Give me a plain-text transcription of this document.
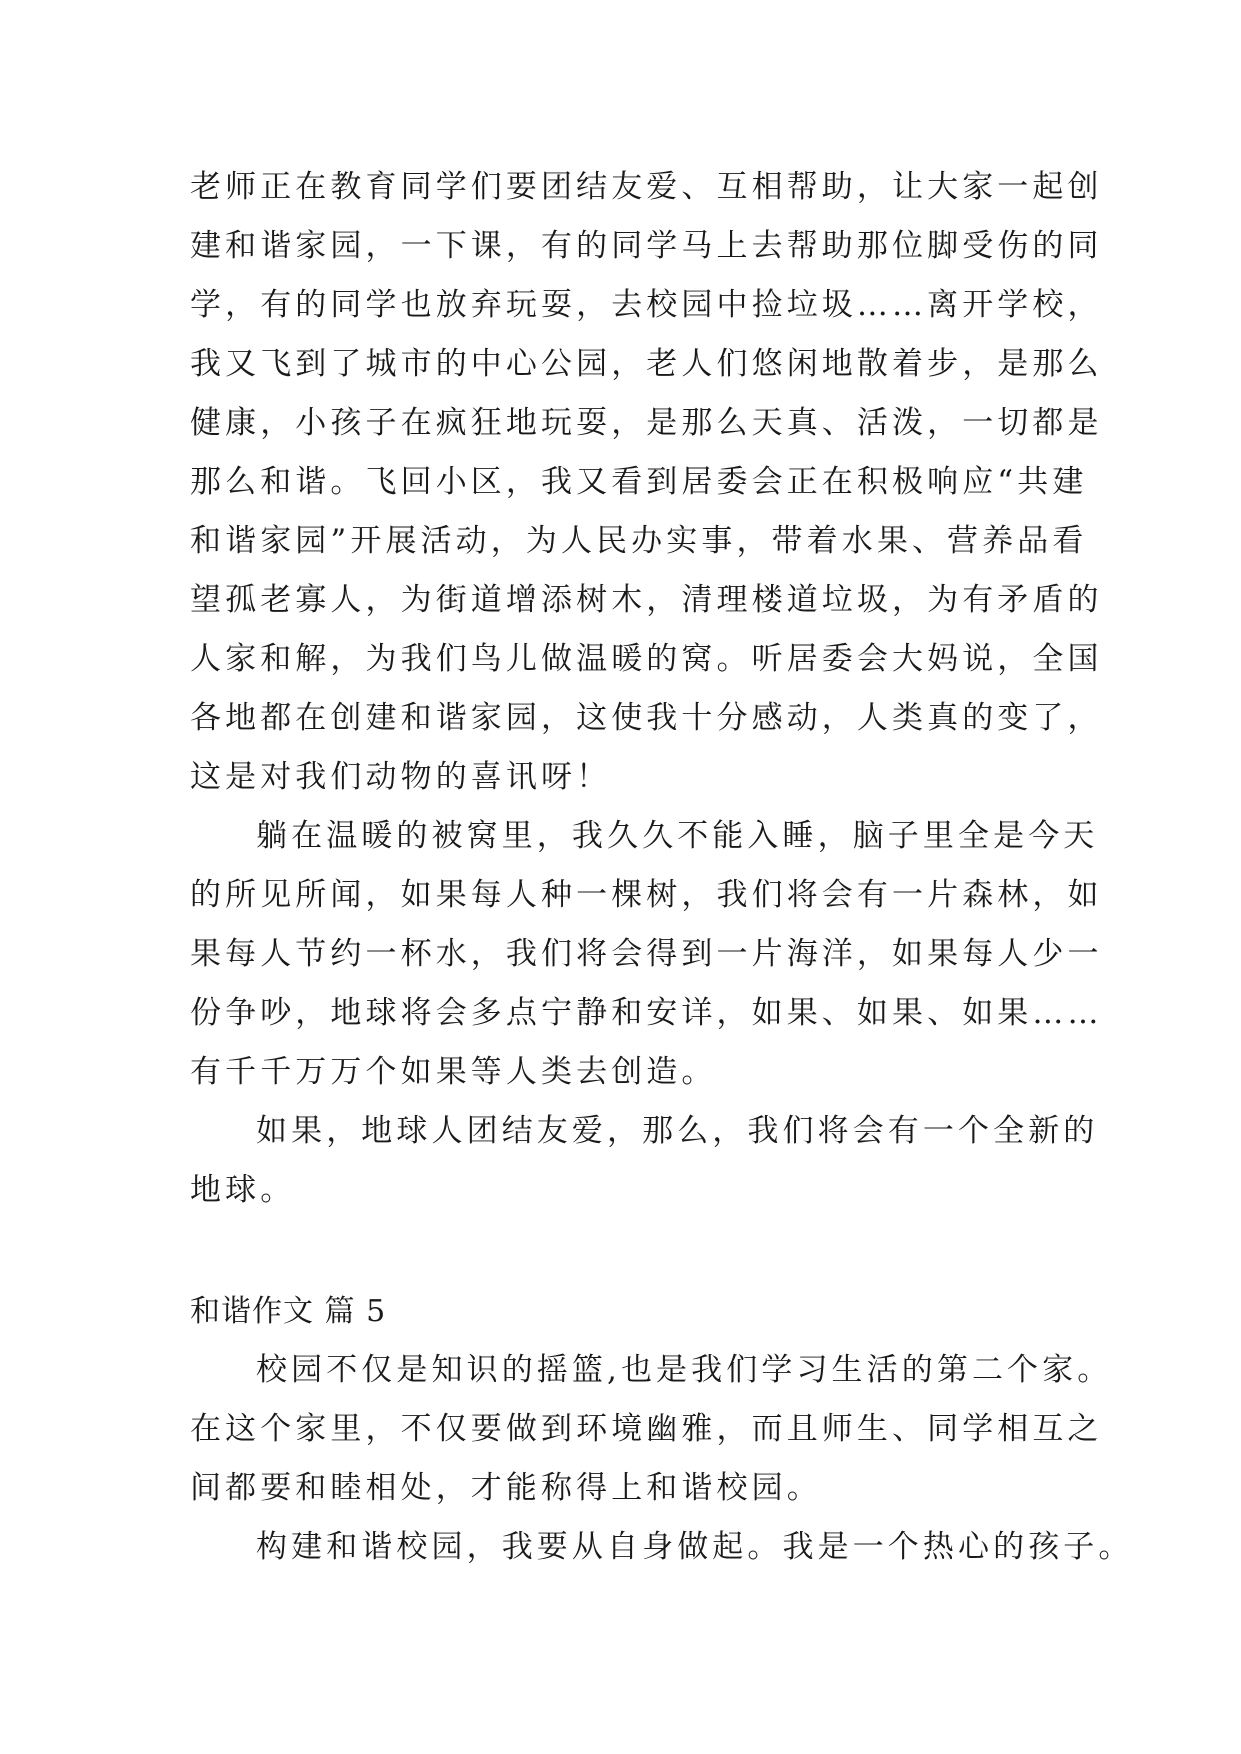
老师正在教育同学们要团结友爱、互相帮助，让大家一起创
建和谐家园，一下课，有的同学马上去帮助那位脚受伤的同
学，有的同学也放弃玩耍，去校园中捡垃圾……离开学校，
我又飞到了城市的中心公园，老人们悠闲地散着步，是那么
健康，小孩子在疯狂地玩耍，是那么天真、活泼，一切都是
那么和谐。飞回小区，我又看到居委会正在积极响应“共建
和谐家园”开展活动，为人民办实事，带着水果、营养品看
望孤老寡人，为街道增添树木，清理楼道垃圾，为有矛盾的
人家和解，为我们鸟儿做温暖的窝。听居委会大妈说，全国
各地都在创建和谐家园，这使我十分感动，人类真的变了，
这是对我们动物的喜讯呀！
躺在温暖的被窝里，我久久不能入睡，脑子里全是今天
的所见所闻，如果每人种一棵树，我们将会有一片森林，如
果每人节约一杯水，我们将会得到一片海洋，如果每人少一
份争吵，地球将会多点宁静和安详，如果、如果、如果……
有千千万万个如果等人类去创造。
如果，地球人团结友爱，那么，我们将会有一个全新的
地球。
和谐作文 篇 5
校园不仅是知识的摇篮,也是我们学习生活的第二个家。
在这个家里，不仅要做到环境幽雅，而且师生、同学相互之
间都要和睦相处，才能称得上和谐校园。
构建和谐校园，我要从自身做起。我是一个热心的孩子。
